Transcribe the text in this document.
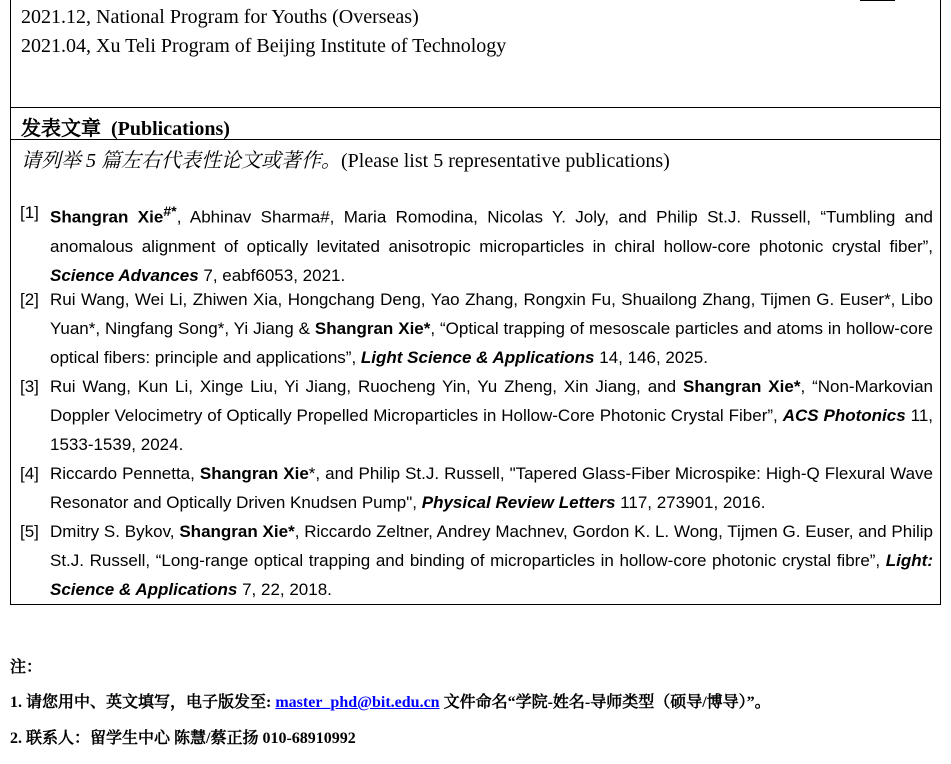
2021.12, National Program for Youths (Overseas)
2021.04, Xu Teli Program of Beijing Institute of Technology
发表文章 (Publications)
请列举 5 篇左右代表性论文或著作。(Please list 5 representative publications)
[1] Shangran Xie#*, Abhinav Sharma#, Maria Romodina, Nicolas Y. Joly, and Philip St.J. Russell, “Tumbling and anomalous alignment of optically levitated anisotropic microparticles in chiral hollow-core photonic crystal fiber”, Science Advances 7, eabf6053, 2021.
[2] Rui Wang, Wei Li, Zhiwen Xia, Hongchang Deng, Yao Zhang, Rongxin Fu, Shuailong Zhang, Tijmen G. Euser*, Libo Yuan*, Ningfang Song*, Yi Jiang & Shangran Xie*, “Optical trapping of mesoscale particles and atoms in hollow-core optical fibers: principle and applications”, Light Science & Applications 14, 146, 2025.
[3] Rui Wang, Kun Li, Xinge Liu, Yi Jiang, Ruocheng Yin, Yu Zheng, Xin Jiang, and Shangran Xie*, “Non-Markovian Doppler Velocimetry of Optically Propelled Microparticles in Hollow-Core Photonic Crystal Fiber”, ACS Photonics 11, 1533-1539, 2024.
[4] Riccardo Pennetta, Shangran Xie*, and Philip St.J. Russell, "Tapered Glass-Fiber Microspike: High-Q Flexural Wave Resonator and Optically Driven Knudsen Pump", Physical Review Letters 117, 273901, 2016.
[5] Dmitry S. Bykov, Shangran Xie*, Riccardo Zeltner, Andrey Machnev, Gordon K. L. Wong, Tijmen G. Euser, and Philip St.J. Russell, “Long-range optical trapping and binding of microparticles in hollow-core photonic crystal fibre”, Light: Science & Applications 7, 22, 2018.
注：
1. 请您用中、英文填写，电子版发至: master_phd@bit.edu.cn 文件命名“学院-姓名-导师类型（硕导/博导）”。
2. 联系人：留学生中心 陈慧/蔡正扬 010-68910992
